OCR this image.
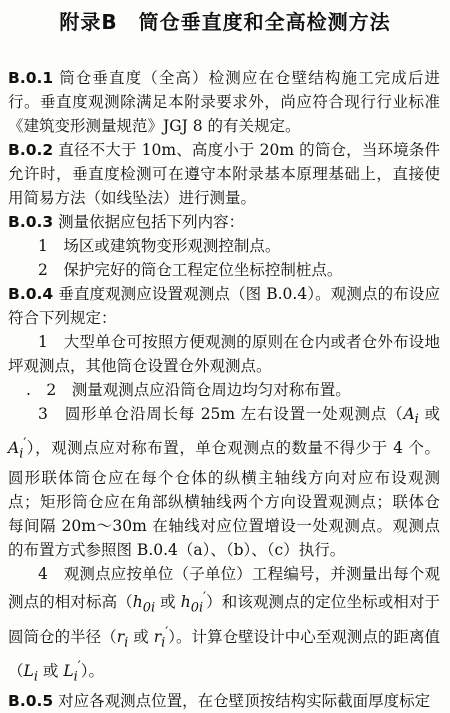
附录B　筒仓垂直度和全高检测方法

B.0.1 筒仓垂直度（全高）检测应在仓壁结构施工完成后进行。垂直度观测除满足本附录要求外，尚应符合现行行业标准《建筑变形测量规范》JGJ 8 的有关规定。

B.0.2 直径不大于 10m、高度小于 20m 的筒仓，当环境条件允许时，垂直度检测可在遵守本附录基本原理基础上，直接使用简易方法（如线坠法）进行测量。

B.0.3 测量依据应包括下列内容：

1　 场区或建筑物变形观测控制点。

2　 保护完好的筒仓工程定位坐标控制桩点。

B.0.4 垂直度观测应设置观测点（图 B.0.4）。观测点的布设应符合下列规定：

1　大型单仓可按照方便观测的原则在仓内或者仓外布设地坪观测点，其他筒仓设置仓外观测点。

.　2　测量观测点应沿筒仓周边均匀对称布置。

3　圆形单仓沿周长每 25m 左右设置一处观测点（$A_i$ 或 $A_i'$），观测点应对称布置，单仓观测点的数量不得少于 4 个。圆形联体筒仓应在每个仓体的纵横主轴线方向对应布设观测点；矩形筒仓应在角部纵横轴线两个方向设置观测点；联体仓每间隔 20m～30m 在轴线对应位置增设一处观测点。观测点的布置方式参照图 B.0.4（a）、（b）、（c）执行。

4　观测点应按单位（子单位）工程编号，并测量出每个观测点的相对标高（$h_{0i}$ 或 $h_{0i}'$）和该观测点的定位坐标或相对于圆筒仓的半径（$r_i$ 或 $r_i'$）。计算仓壁设计中心至观测点的距离值（$L_i$ 或 $L_i'$）。

B.0.5 对应各观测点位置，在仓壁顶按结构实际截面厚度标定
